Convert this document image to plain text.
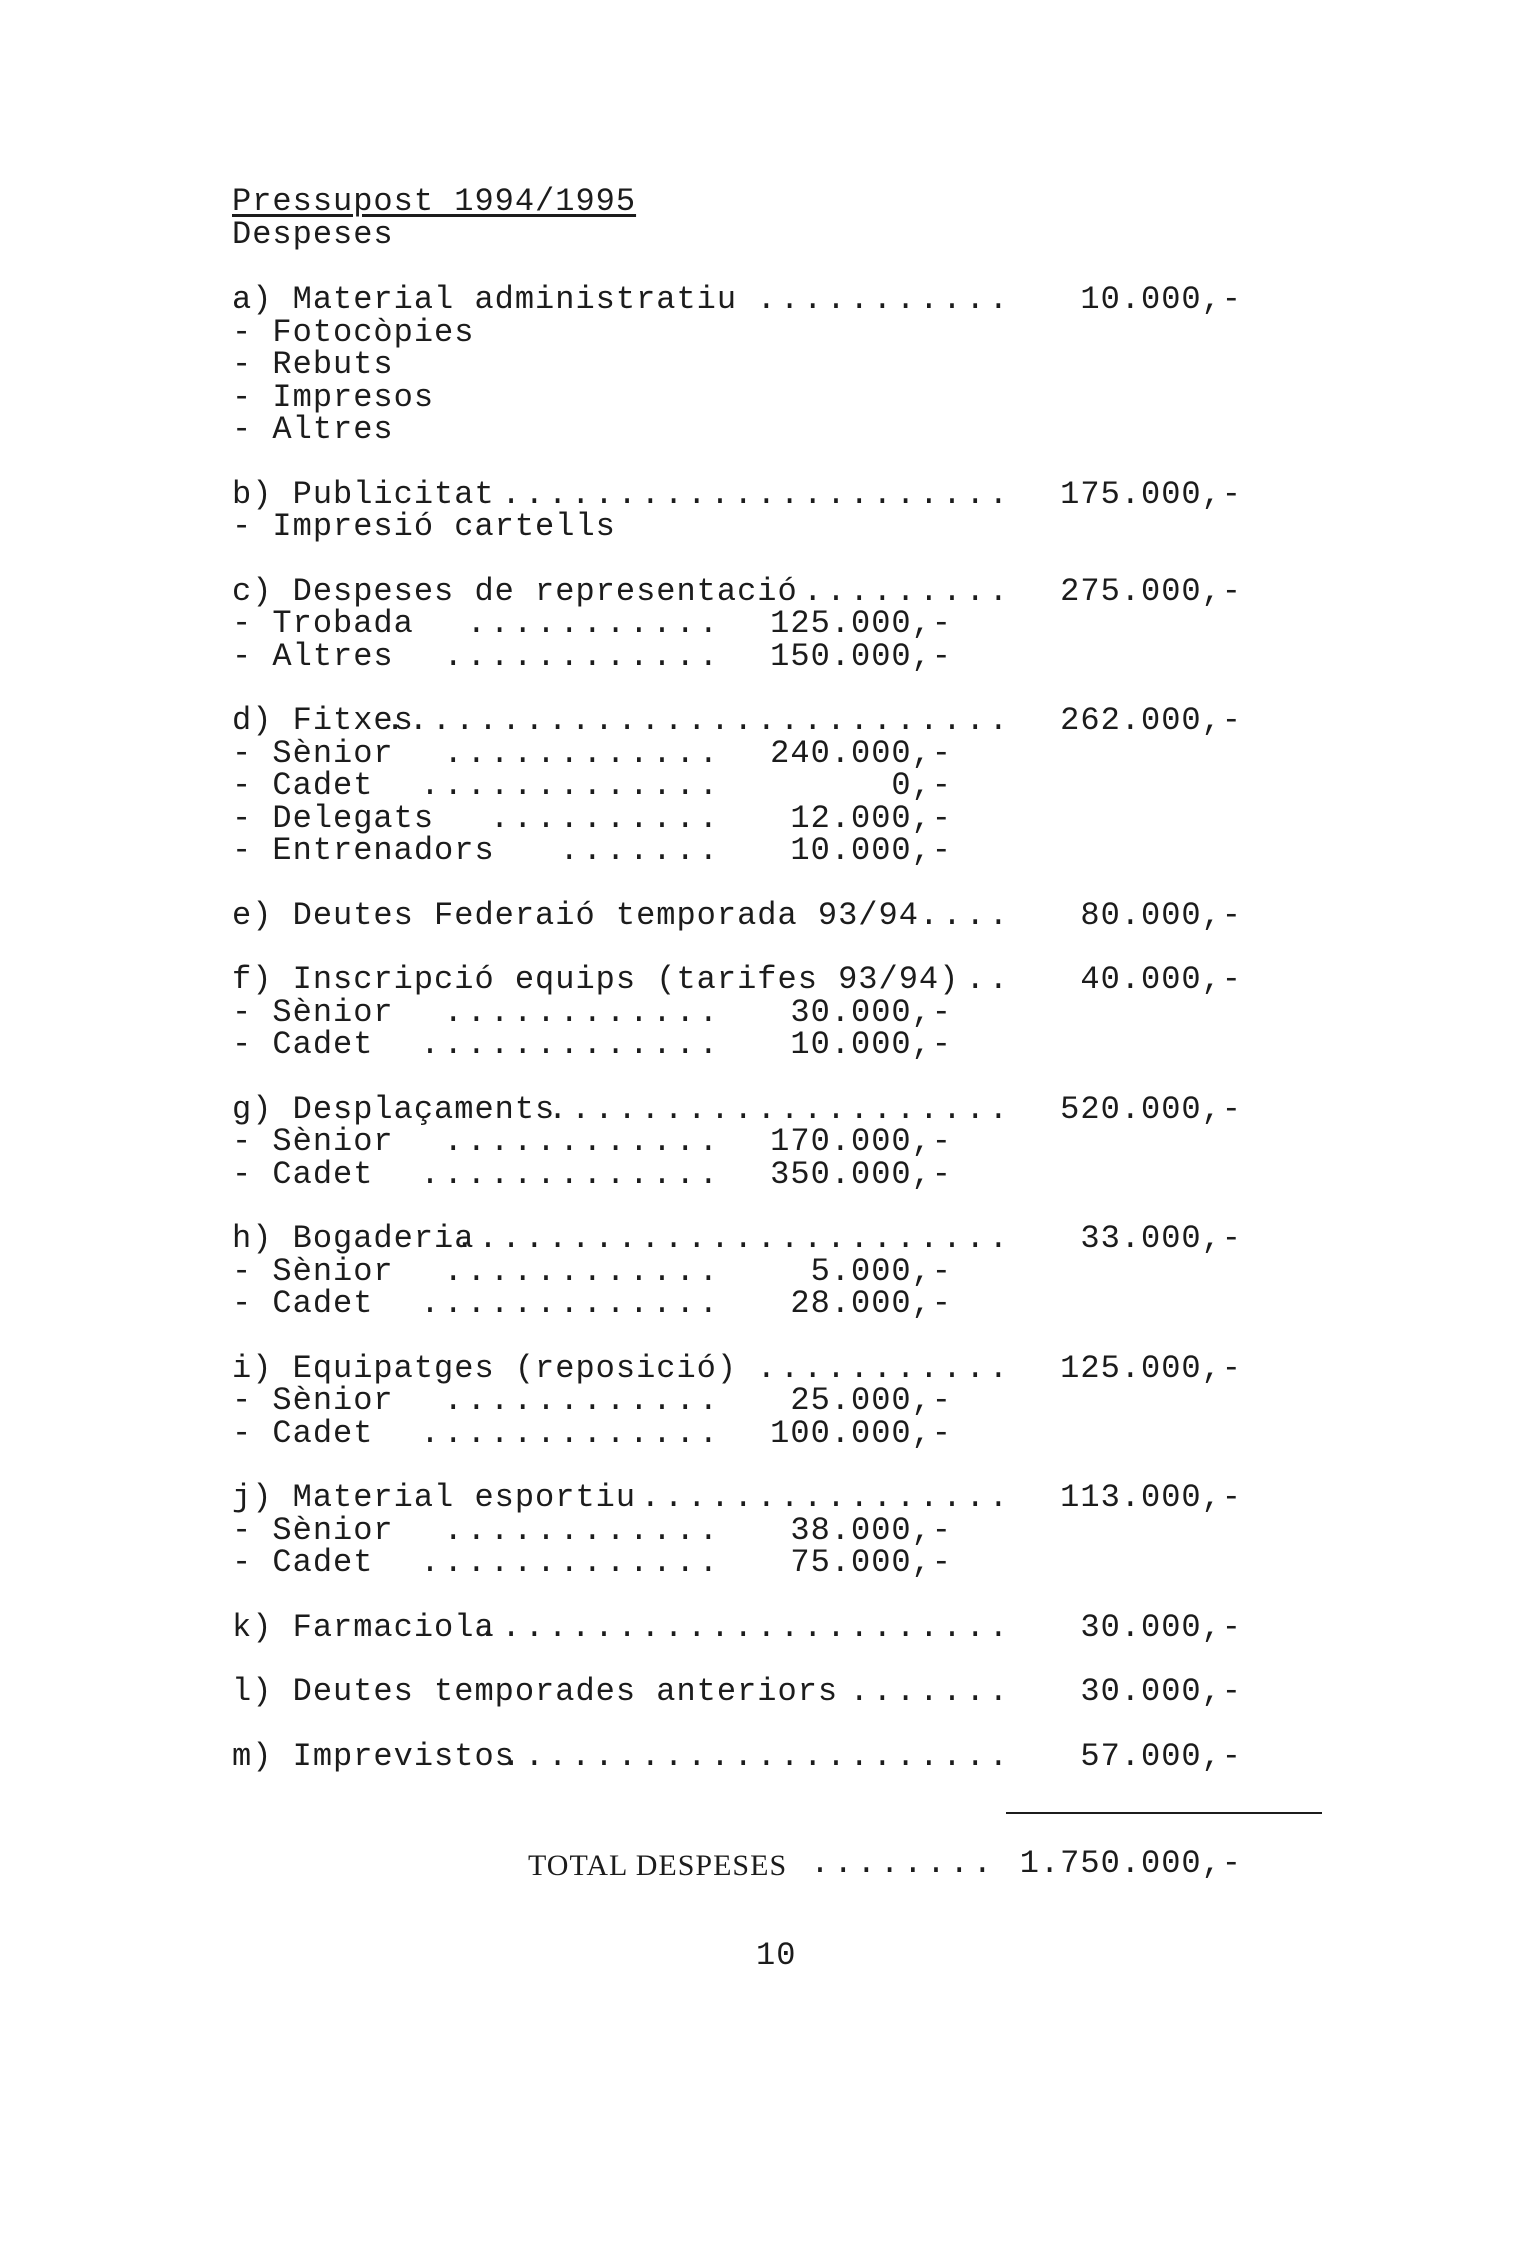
Pressupost 1994/1995
Despeses
a) Material administratiu ........... 10.000,-
- Fotocòpies
- Rebuts
- Impresos
- Altres
b) Publicitat ...................... 175.000,-
- Impresió cartells
c) Despeses de representació ......... 275.000,-
- Trobada ........... 125.000,-
- Altres ............ 150.000,-
d) Fitxes
........................... 262.000,-
- Sènior ............ 240.000,-
- Cadet .............	0,-
- Delegats .......... 12.000,-
- Entrenadors ....... 10.000,-
e) Deutes Federaió temporada 93/94 .... 80.000,-
f) Inscripció equips (tarifes 93/94) .. 40.000,-
- Sènior ............ 30.000,-
- Cadet ............. 10.000,-
g) Desplaçaments
.................... 520.000,-
- Sènior ............ 170.000,-
- Cadet ............. 350.000,-
h) Bogaderia
........................ 33.000,-
- Sènior ............	5.000,-
- Cadet ............. 28.000,-
i) Equipatges (reposició) ........... 125.000,-
- Sènior ............ 25.000,-
- Cadet ............. 100.000,-
j) Material esportiu ................ 113.000,-
- Sènior ............ 38.000,-
- Cadet ............. 75.000,-
k) Farmaciola
....................... 30.000,-
l) Deutes temporades anteriors ....... 30.000,-
m) Imprevistos
...................... 57.000,-
TOTAL DESPESES ........ 1.750.000,-
10
